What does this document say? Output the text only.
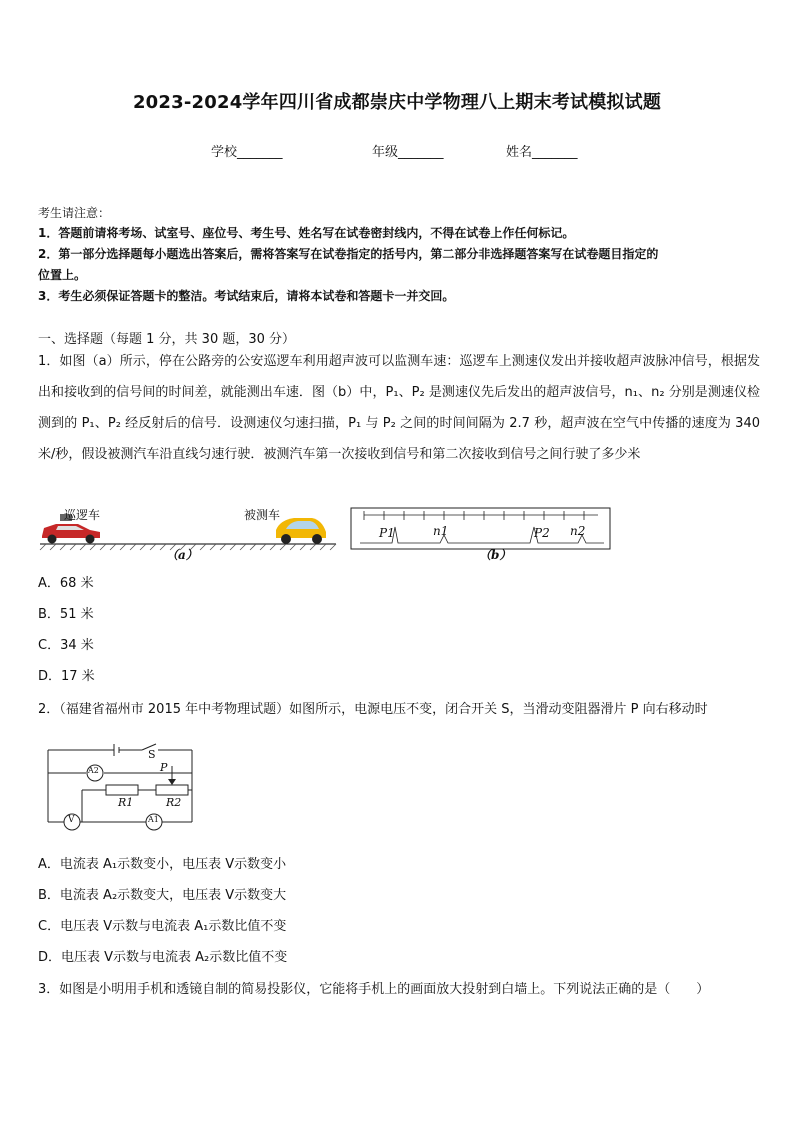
2023-2024学年四川省成都崇庆中学物理八上期末考试模拟试题
学校_______	年级_______	姓名_______
考生请注意：
1．答题前请将考场、试室号、座位号、考生号、姓名写在试卷密封线内，不得在试卷上作任何标记。
2．第一部分选择题每小题选出答案后，需将答案写在试卷指定的括号内，第二部分非选择题答案写在试卷题目指定的
位置上。
3．考生必须保证答题卡的整洁。考试结束后，请将本试卷和答题卡一并交回。
一、选择题（每题 1 分，共 30 题，30 分）
1．如图（a）所示，停在公路旁的公安巡逻车利用超声波可以监测车速：巡逻车上测速仪发出并接收超声波脉冲信号，根据发出和接收到的信号间的时间差，就能测出车速．图（b）中，P₁、P₂ 是测速仪先后发出的超声波信号，n₁、n₂ 分别是测速仪检测到的 P₁、P₂ 经反射后的信号．设测速仪匀速扫描，P₁ 与 P₂ 之间的时间间隔为 2.7 秒，超声波在空气中传播的速度为 340 米/秒，假设被测汽车沿直线匀速行驶．被测汽车第一次接收到信号和第二次接收到信号之间行驶了多少米
巡逻车	被测车
（a）
P1	n1	P2 n2
（b）
A．68 米
B．51 米
C．34 米
D．17 米
2．（福建省福州市 2015 年中考物理试题）如图所示，电源电压不变，闭合开关 S，当滑动变阻器滑片 P 向右移动时
S
A2	P
R1	R2
V	A1
A．电流表 A₁示数变小，电压表 V示数变小
B．电流表 A₂示数变大，电压表 V示数变大
C．电压表 V示数与电流表 A₁示数比值不变
D．电压表 V示数与电流表 A₂示数比值不变
3．如图是小明用手机和透镜自制的简易投影仪，它能将手机上的画面放大投射到白墙上。下列说法正确的是（　　）
